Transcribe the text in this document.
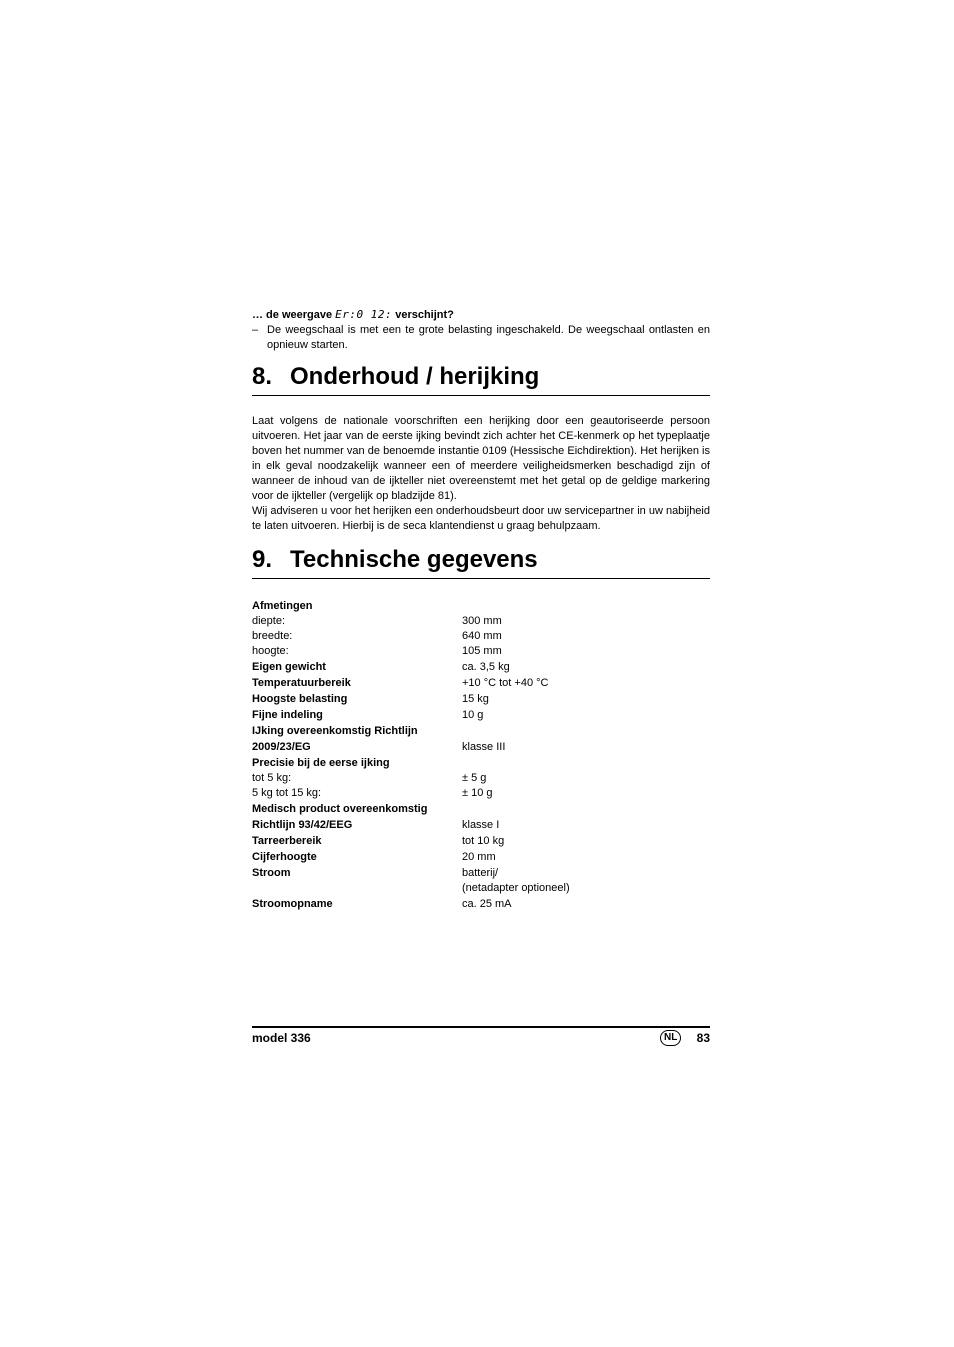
… de weergave Er:0 12: verschijnt?
– De weegschaal is met een te grote belasting ingeschakeld. De weegschaal ontlasten en opnieuw starten.
8. Onderhoud / herijking
Laat volgens de nationale voorschriften een herijking door een geautoriseerde persoon uitvoeren. Het jaar van de eerste ijking bevindt zich achter het CE-kenmerk op het typeplaatje boven het nummer van de benoemde instantie 0109 (Hessische Eichdirektion). Het herijken is in elk geval noodzakelijk wanneer een of meerdere veiligheidsmerken beschadigd zijn of wanneer de inhoud van de ijkteller niet overeenstemt met het getal op de geldige markering voor de ijkteller (vergelijk op bladzijde 81).
Wij adviseren u voor het herijken een onderhoudsbeurt door uw servicepartner in uw nabijheid te laten uitvoeren. Hierbij is de seca klantendienst u graag behulpzaam.
9. Technische gegevens
Afmetingen
diepte:	300 mm
breedte:	640 mm
hoogte:	105 mm
Eigen gewicht	ca. 3,5 kg
Temperatuurbereik	+10 °C tot +40 °C
Hoogste belasting	15 kg
Fijne indeling	10 g
IJking overeenkomstig Richtlijn
2009/23/EG	klasse III
Precisie bij de eerse ijking
tot 5 kg:	± 5 g
5 kg tot 15 kg:	± 10 g
Medisch product overeenkomstig
Richtlijn 93/42/EEG	klasse I
Tarreerbereik	tot 10 kg
Cijferhoogte	20 mm
Stroom	batterij/
(netadapter optioneel)
Stroomopname	ca. 25 mA
model 336	NL	83
